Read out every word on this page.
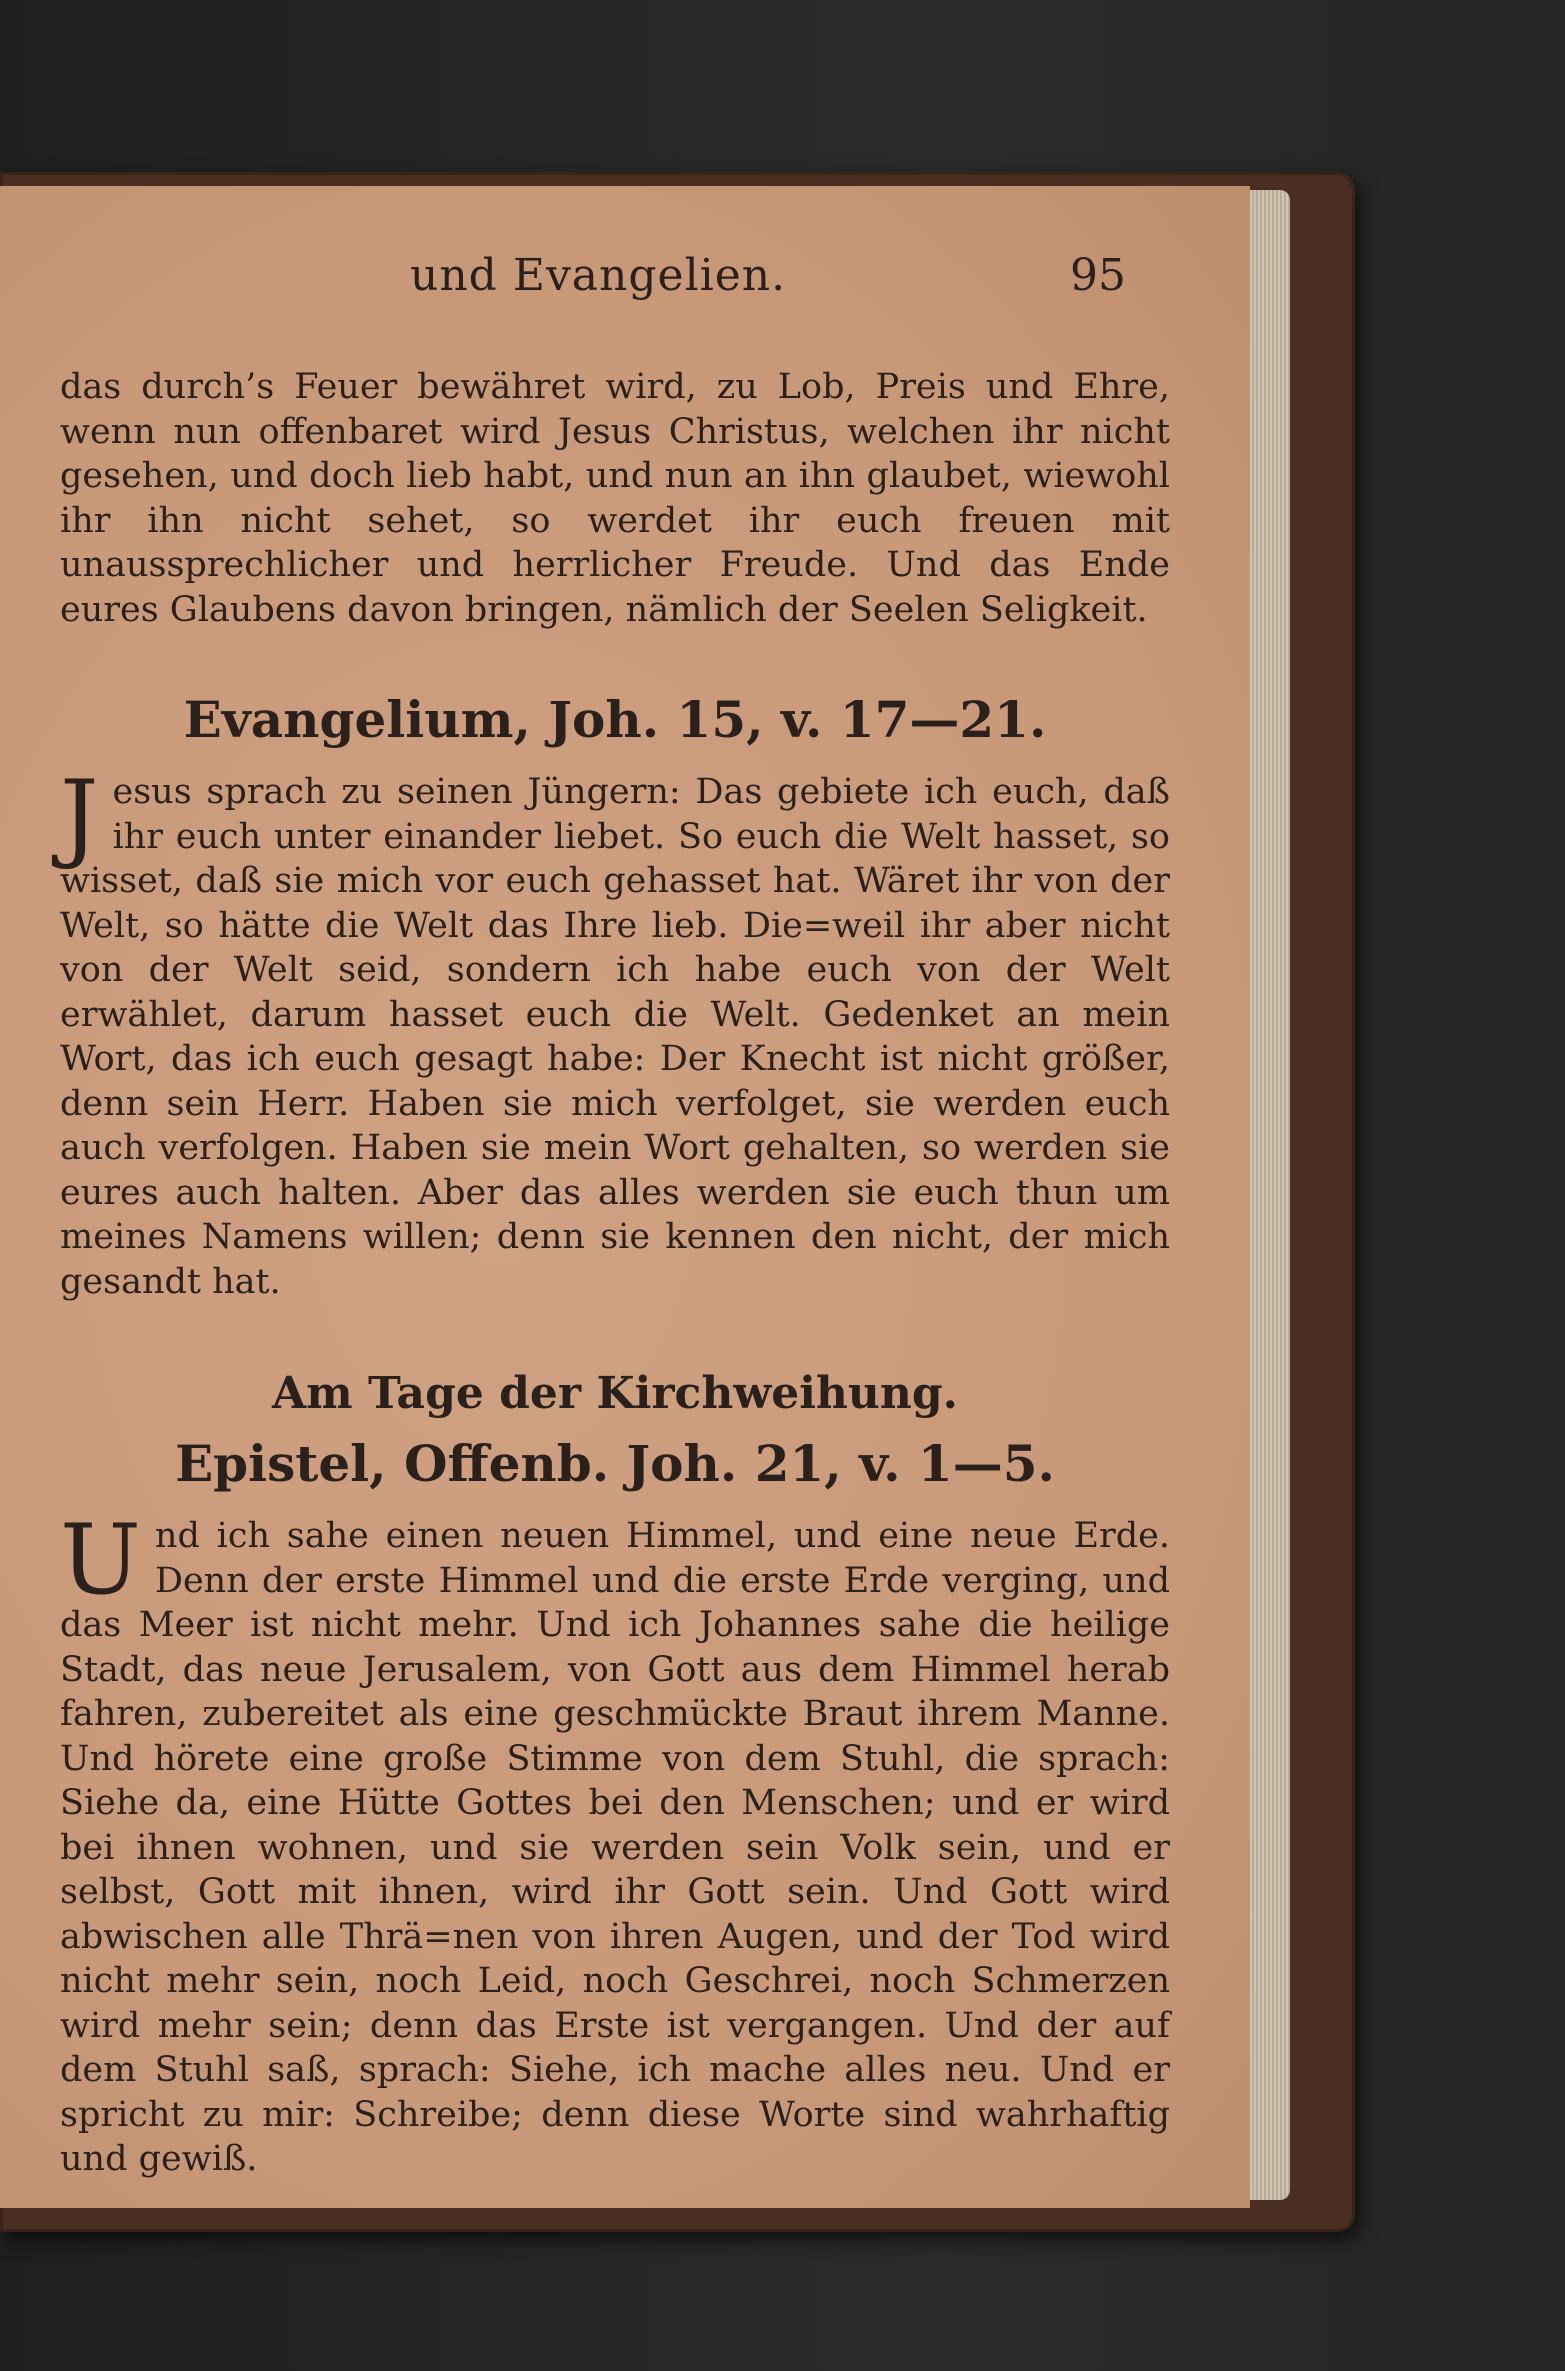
und Evangelien.	95

das durch’s Feuer bewähret wird, zu Lob, Preis und Ehre, wenn nun offenbaret wird Jesus Christus, welchen ihr nicht gesehen, und doch lieb habt, und nun an ihn glaubet, wiewohl ihr ihn nicht sehet, so werdet ihr euch freuen mit unaussprechlicher und herrlicher Freude. Und das Ende eures Glaubens davon bringen, nämlich der Seelen Seligkeit.

Evangelium, Joh. 15, v. 17—21.

J esus sprach zu seinen Jüngern: Das gebiete ich euch, daß ihr euch unter einander liebet. So euch die Welt hasset, so wisset, daß sie mich vor euch gehasset hat. Wäret ihr von der Welt, so hätte die Welt das Ihre lieb. Die=weil ihr aber nicht von der Welt seid, sondern ich habe euch von der Welt erwählet, darum hasset euch die Welt. Gedenket an mein Wort, das ich euch gesagt habe: Der Knecht ist nicht größer, denn sein Herr. Haben sie mich verfolget, sie werden euch auch verfolgen. Haben sie mein Wort gehalten, so werden sie eures auch halten. Aber das alles werden sie euch thun um meines Namens willen; denn sie kennen den nicht, der mich gesandt hat.

Am Tage der Kirchweihung.
Epistel, Offenb. Joh. 21, v. 1—5.

U nd ich sahe einen neuen Himmel, und eine neue Erde. Denn der erste Himmel und die erste Erde verging, und das Meer ist nicht mehr. Und ich Johannes sahe die heilige Stadt, das neue Jerusalem, von Gott aus dem Himmel herab fahren, zubereitet als eine geschmückte Braut ihrem Manne. Und hörete eine große Stimme von dem Stuhl, die sprach: Siehe da, eine Hütte Gottes bei den Menschen; und er wird bei ihnen wohnen, und sie werden sein Volk sein, und er selbst, Gott mit ihnen, wird ihr Gott sein. Und Gott wird abwischen alle Thrä=nen von ihren Augen, und der Tod wird nicht mehr sein, noch Leid, noch Geschrei, noch Schmerzen wird mehr sein; denn das Erste ist vergangen. Und der auf dem Stuhl saß, sprach: Siehe, ich mache alles neu. Und er spricht zu mir: Schreibe; denn diese Worte sind wahrhaftig und gewiß.
